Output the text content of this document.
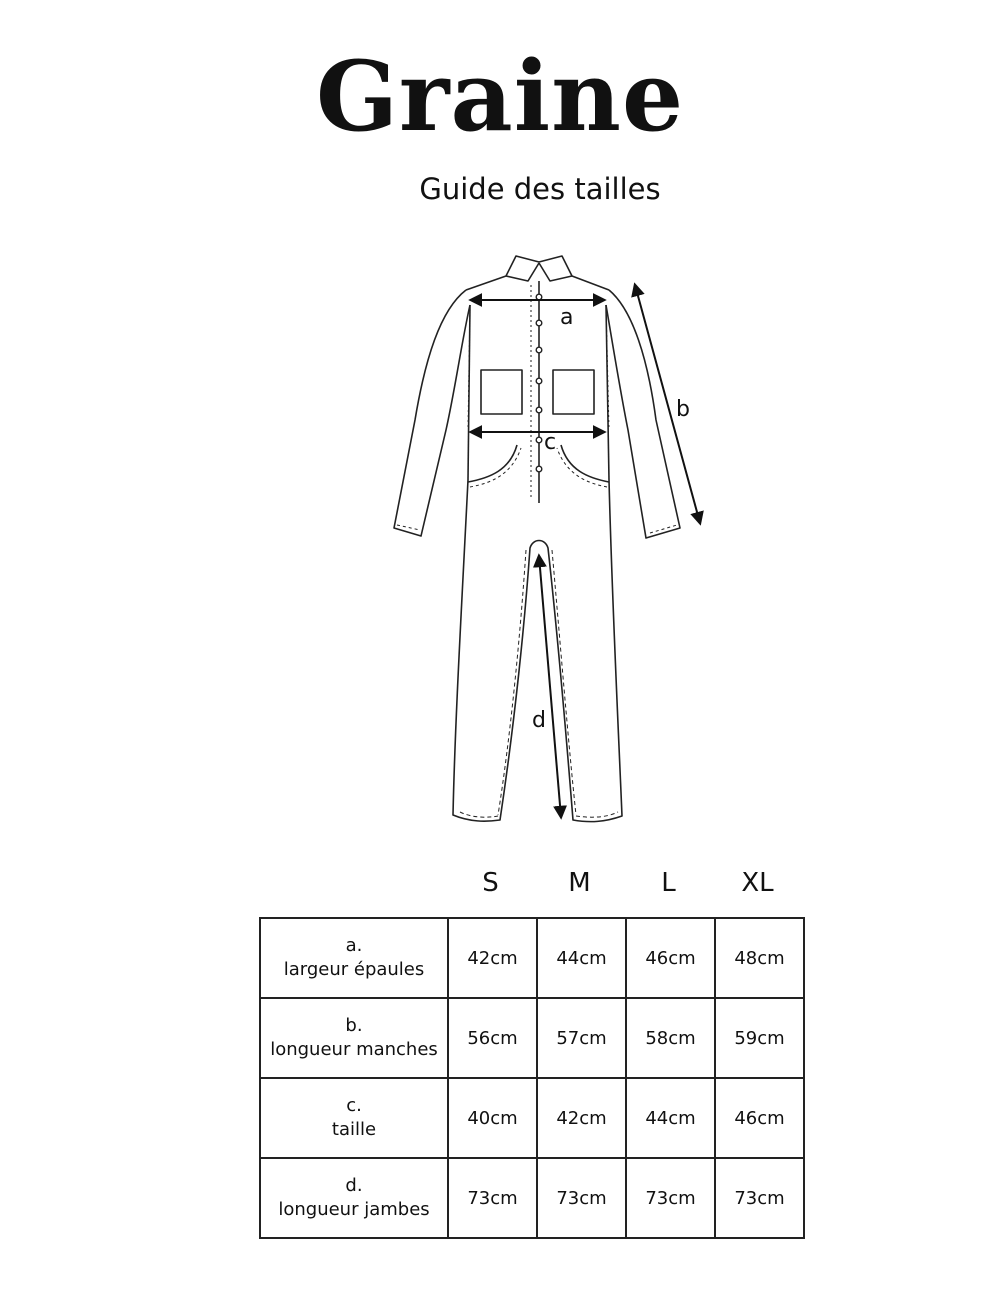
Graine
Guide des tailles
a
b
c
d
S	M	L	XL
a.
largeur épaules	42cm	44cm	46cm	48cm

b.
longueur manches	56cm	57cm	58cm	59cm

c.
taille	40cm	42cm	44cm	46cm

d.
longueur jambes	73cm	73cm	73cm	73cm
